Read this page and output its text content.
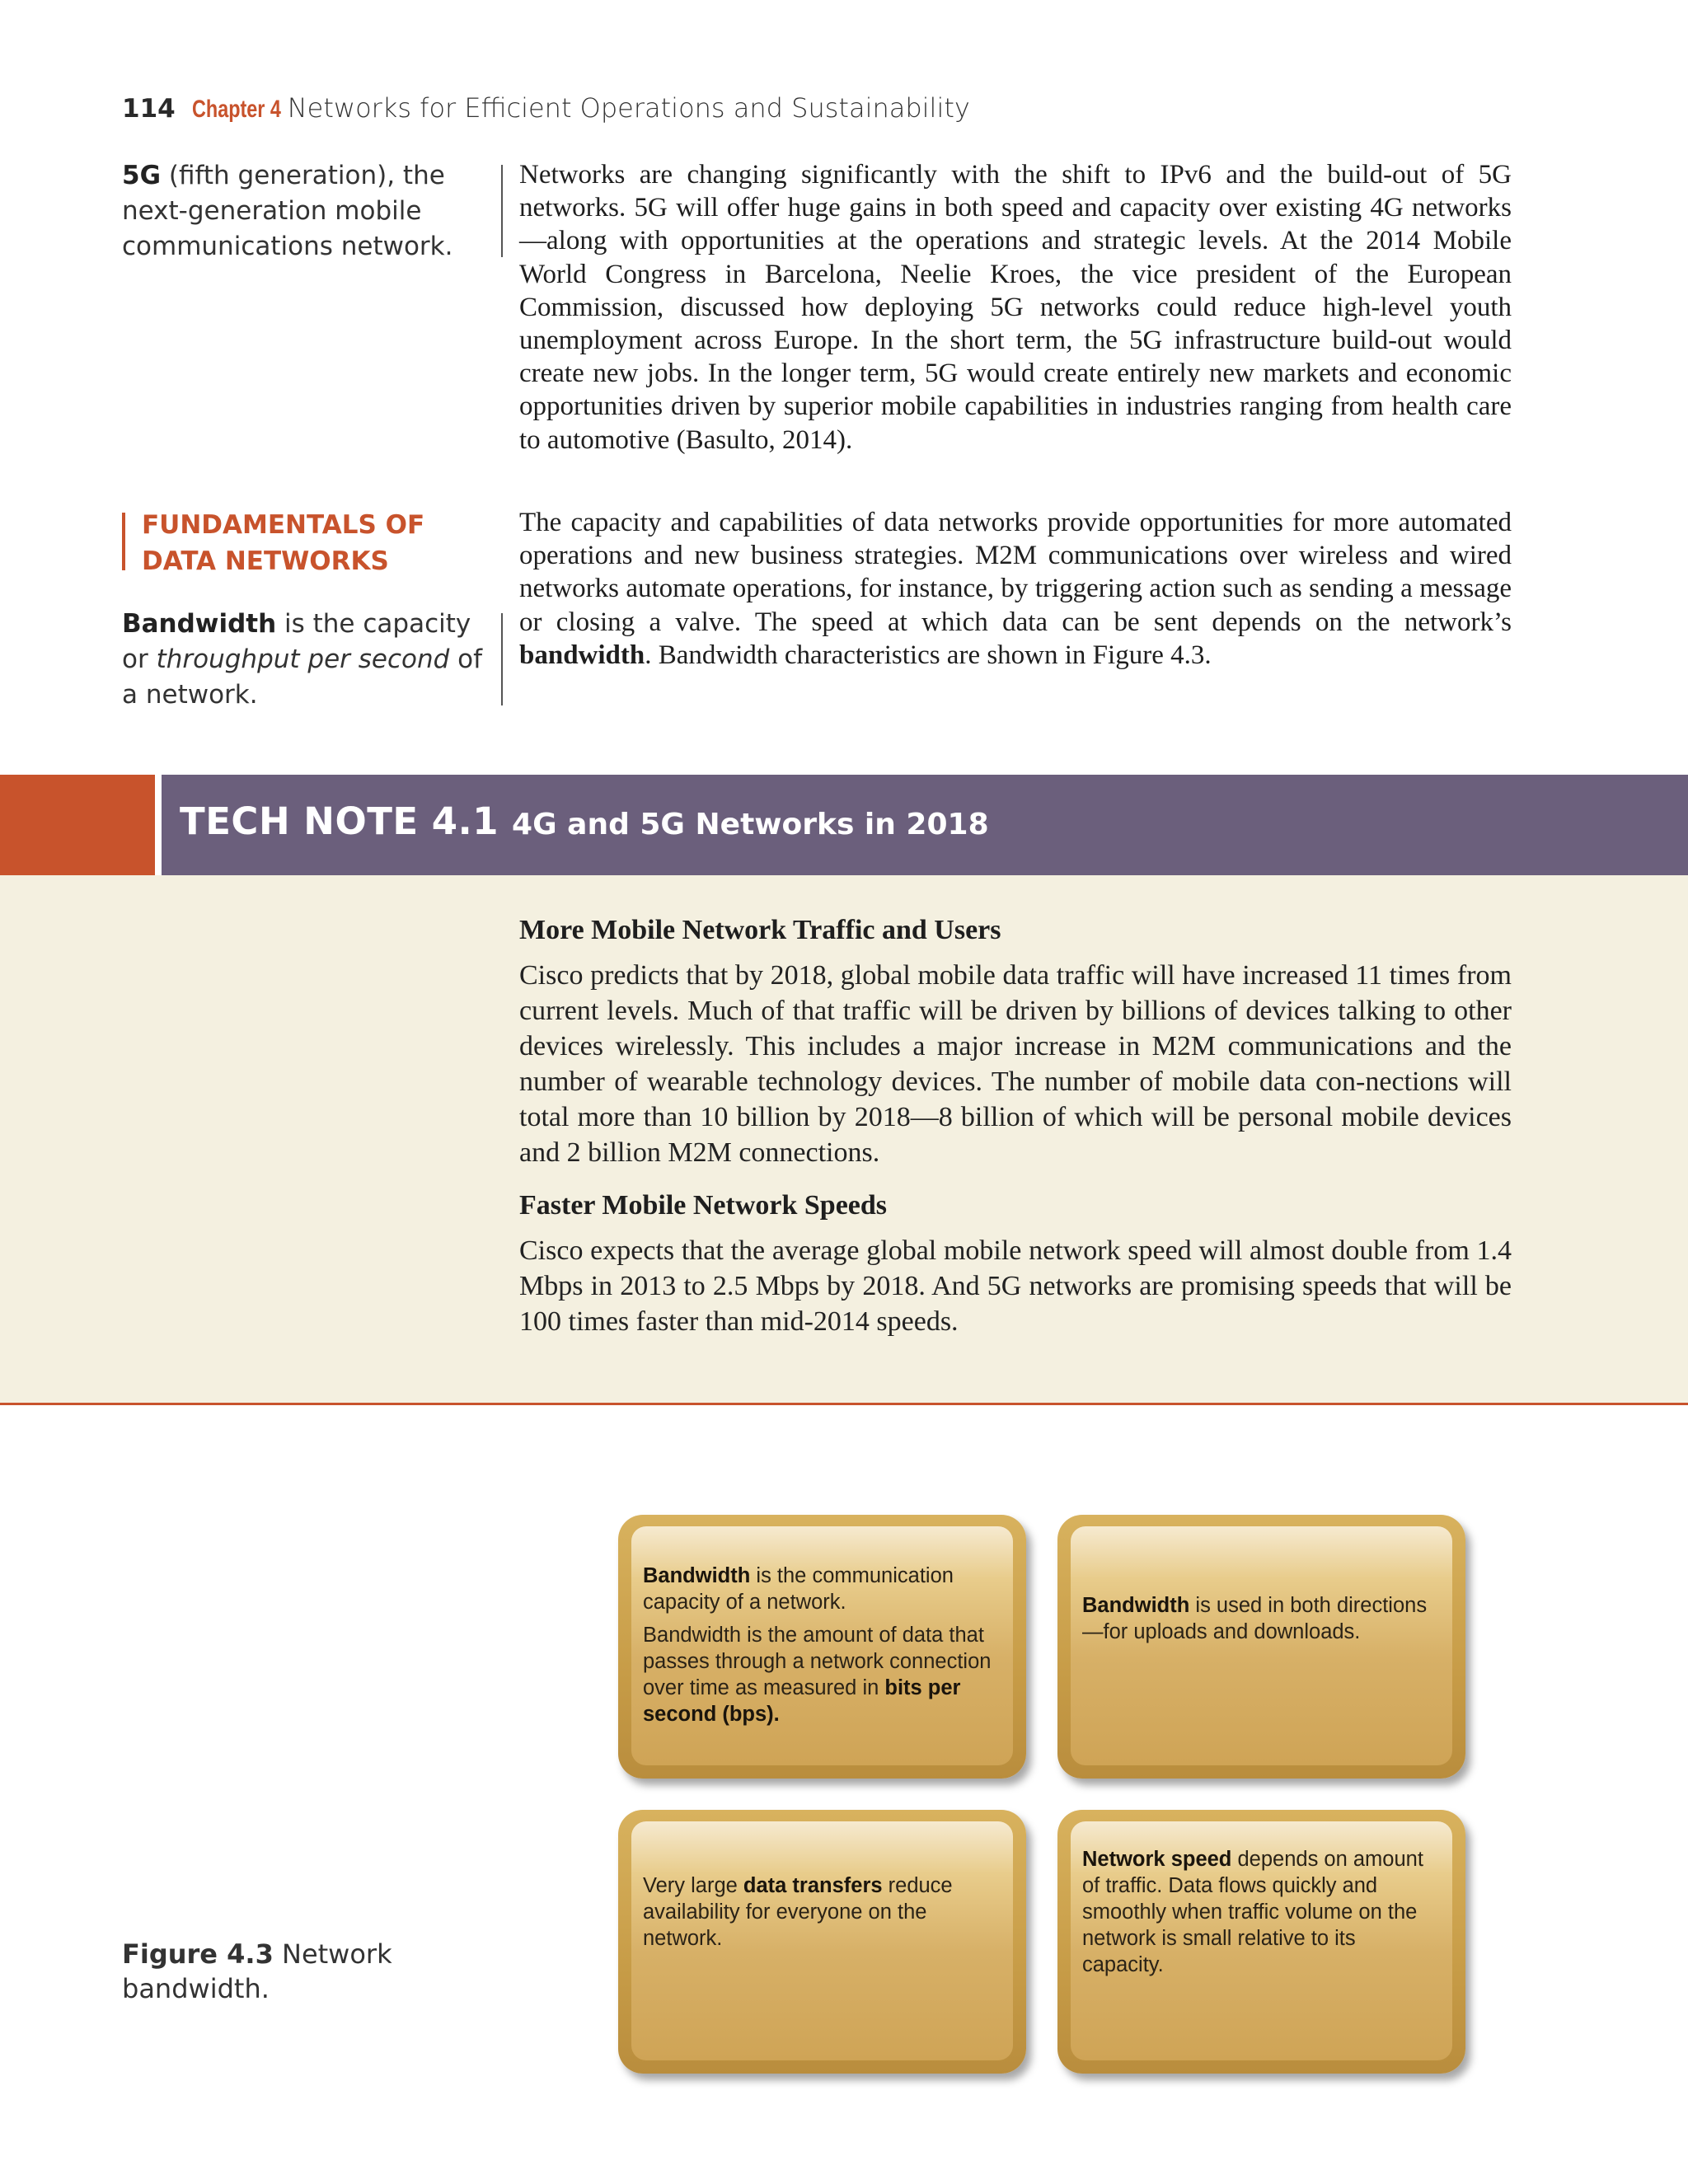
114 Chapter 4 Networks for Efficient Operations and Sustainability
5G (fifth generation), the next-generation mobile communications network.
Networks are changing significantly with the shift to IPv6 and the build-out of 5G networks. 5G will offer huge gains in both speed and capacity over existing 4G networks—along with opportunities at the operations and strategic levels. At the 2014 Mobile World Congress in Barcelona, Neelie Kroes, the vice president of the European Commission, discussed how deploying 5G networks could reduce high-level youth unemployment across Europe. In the short term, the 5G infrastructure build-out would create new jobs. In the longer term, 5G would create entirely new markets and economic opportunities driven by superior mobile capabilities in industries ranging from health care to automotive (Basulto, 2014).
FUNDAMENTALS OF DATA NETWORKS
Bandwidth is the capacity or throughput per second of a network.
The capacity and capabilities of data networks provide opportunities for more automated operations and new business strategies. M2M communications over wireless and wired networks automate operations, for instance, by triggering action such as sending a message or closing a valve. The speed at which data can be sent depends on the network’s bandwidth. Bandwidth characteristics are shown in Figure 4.3.
TECH NOTE 4.1 4G and 5G Networks in 2018
More Mobile Network Traffic and Users
Cisco predicts that by 2018, global mobile data traffic will have increased 11 times from current levels. Much of that traffic will be driven by billions of devices talking to other devices wirelessly. This includes a major increase in M2M communications and the number of wearable technology devices. The number of mobile data con-nections will total more than 10 billion by 2018—8 billion of which will be personal mobile devices and 2 billion M2M connections.
Faster Mobile Network Speeds
Cisco expects that the average global mobile network speed will almost double from 1.4 Mbps in 2013 to 2.5 Mbps by 2018. And 5G networks are promising speeds that will be 100 times faster than mid-2014 speeds.

Bandwidth is the communication capacity of a network.

Bandwidth is the amount of data that passes through a network connection over time as measured in bits per second (bps).

Bandwidth is used in both directions—for uploads and downloads.

Very large data transfers reduce availability for everyone on the network.

Network speed depends on amount of traffic. Data flows quickly and smoothly when traffic volume on the network is small relative to its capacity.

Figure 4.3 Network bandwidth.
